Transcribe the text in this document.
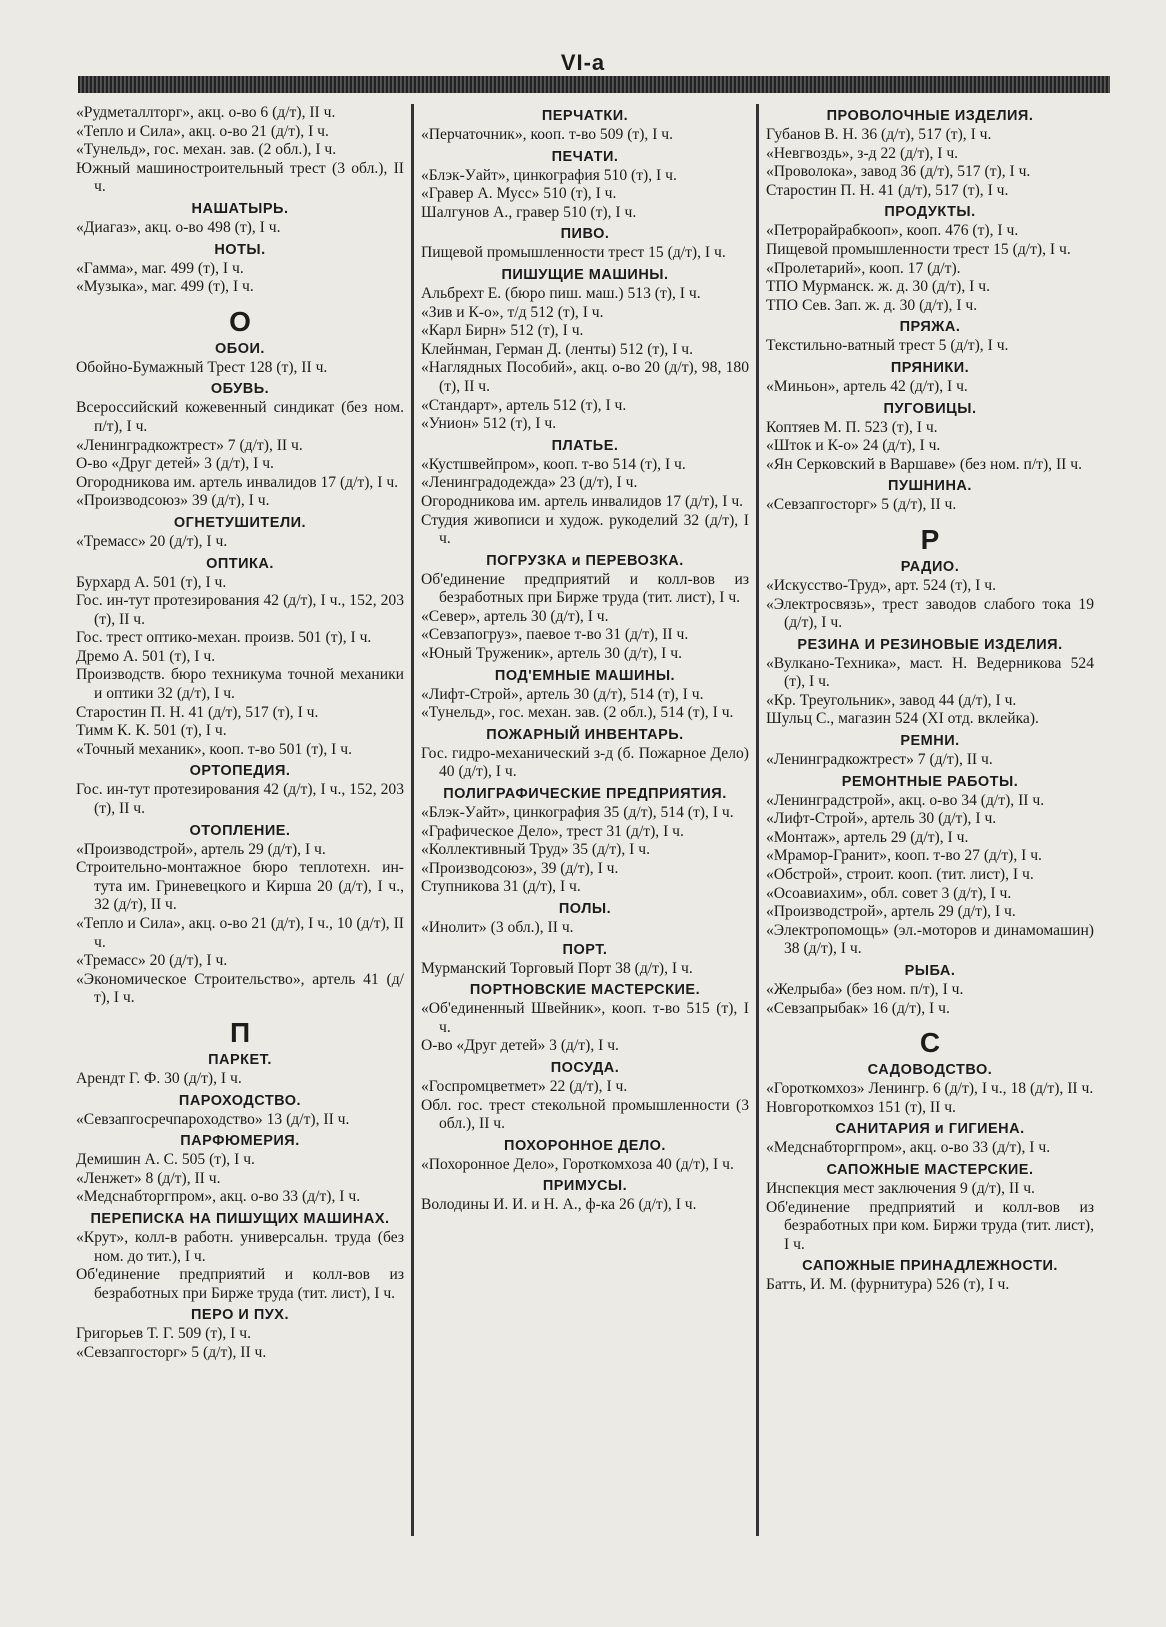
VI-a
«Рудметаллторг», акц. о-во 6 (д/т), II ч.
«Тепло и Сила», акц. о-во 21 (д/т), I ч.
«Тунельд», гос. механ. зав. (2 обл.), I ч.
Южный машиностроительный трест (3 обл.), II ч.
НАШАТЫРЬ.
«Диагаз», акц. о-во 498 (т), I ч.
НОТЫ.
«Гамма», маг. 499 (т), I ч.
«Музыка», маг. 499 (т), I ч.
О
ОБОИ.
Обойно-Бумажный Трест 128 (т), II ч.
ОБУВЬ.
Всероссийский кожевенный синдикат (без ном. п/т), I ч.
«Ленинградкожтрест» 7 (д/т), II ч.
О-во «Друг детей» 3 (д/т), I ч.
Огородникова им. артель инвалидов 17 (д/т), I ч.
«Производсоюз» 39 (д/т), I ч.
ОГНЕТУШИТЕЛИ.
«Тремасс» 20 (д/т), I ч.
ОПТИКА.
Бурхард А. 501 (т), I ч.
Гос. ин-тут протезирования 42 (д/т), I ч., 152, 203 (т), II ч.
Гос. трест оптико-механ. произв. 501 (т), I ч.
Дремо А. 501 (т), I ч.
Производств. бюро техникума точной механики и оптики 32 (д/т), I ч.
Старостин П. Н. 41 (д/т), 517 (т), I ч.
Тимм К. К. 501 (т), I ч.
«Точный механик», кооп. т-во 501 (т), I ч.
ОРТОПЕДИЯ.
Гос. ин-тут протезирования 42 (д/т), I ч., 152, 203 (т), II ч.
ОТОПЛЕНИЕ.
«Производстрой», артель 29 (д/т), I ч.
Строительно-монтажное бюро теплотехн. ин-тута им. Гриневецкого и Кирша 20 (д/т), I ч., 32 (д/т), II ч.
«Тепло и Сила», акц. о-во 21 (д/т), I ч., 10 (д/т), II ч.
«Тремасс» 20 (д/т), I ч.
«Экономическое Строительство», артель 41 (д/т), I ч.
П
ПАРКЕТ.
Арендт Г. Ф. 30 (д/т), I ч.
ПАРОХОДСТВО.
«Севзапгосречпароходство» 13 (д/т), II ч.
ПАРФЮМЕРИЯ.
Демишин А. С. 505 (т), I ч.
«Ленжет» 8 (д/т), II ч.
«Медснабторгпром», акц. о-во 33 (д/т), I ч.
ПЕРЕПИСКА НА ПИШУЩИХ МАШИНАХ.
«Крут», колл-в работн. универсальн. труда (без ном. до тит.), I ч.
Об'единение предприятий и колл-вов из безработных при Бирже труда (тит. лист), I ч.
ПЕРО И ПУХ.
Григорьев Т. Г. 509 (т), I ч.
«Севзапгосторг» 5 (д/т), II ч.
ПЕРЧАТКИ.
«Перчаточник», кооп. т-во 509 (т), I ч.
ПЕЧАТИ.
«Блэк-Уайт», цинкография 510 (т), I ч.
«Гравер А. Мусс» 510 (т), I ч.
Шалгунов А., гравер 510 (т), I ч.
ПИВО.
Пищевой промышленности трест 15 (д/т), I ч.
ПИШУЩИЕ МАШИНЫ.
Альбрехт Е. (бюро пиш. маш.) 513 (т), I ч.
«Зив и К-о», т/д 512 (т), I ч.
«Карл Бирн» 512 (т), I ч.
Клейнман, Герман Д. (ленты) 512 (т), I ч.
«Наглядных Пособий», акц. о-во 20 (д/т), 98, 180 (т), II ч.
«Стандарт», артель 512 (т), I ч.
«Унион» 512 (т), I ч.
ПЛАТЬЕ.
«Кустшвейпром», кооп. т-во 514 (т), I ч.
«Ленинградодежда» 23 (д/т), I ч.
Огородникова им. артель инвалидов 17 (д/т), I ч.
Студия живописи и худож. рукоделий 32 (д/т), I ч.
ПОГРУЗКА и ПЕРЕВОЗКА.
Об'единение предприятий и колл-вов из безработных при Бирже труда (тит. лист), I ч.
«Север», артель 30 (д/т), I ч.
«Севзапогруз», паевое т-во 31 (д/т), II ч.
«Юный Труженик», артель 30 (д/т), I ч.
ПОД'ЕМНЫЕ МАШИНЫ.
«Лифт-Строй», артель 30 (д/т), 514 (т), I ч.
«Тунельд», гос. механ. зав. (2 обл.), 514 (т), I ч.
ПОЖАРНЫЙ ИНВЕНТАРЬ.
Гос. гидро-механический з-д (б. Пожарное Дело) 40 (д/т), I ч.
ПОЛИГРАФИЧЕСКИЕ ПРЕДПРИЯТИЯ.
«Блэк-Уайт», цинкография 35 (д/т), 514 (т), I ч.
«Графическое Дело», трест 31 (д/т), I ч.
«Коллективный Труд» 35 (д/т), I ч.
«Производсоюз», 39 (д/т), I ч.
Ступникова 31 (д/т), I ч.
ПОЛЫ.
«Инолит» (3 обл.), II ч.
ПОРТ.
Мурманский Торговый Порт 38 (д/т), I ч.
ПОРТНОВСКИЕ МАСТЕРСКИЕ.
«Об'единенный Швейник», кооп. т-во 515 (т), I ч.
О-во «Друг детей» 3 (д/т), I ч.
ПОСУДА.
«Госпромцветмет» 22 (д/т), I ч.
Обл. гос. трест стекольной промышленности (3 обл.), II ч.
ПОХОРОННОЕ ДЕЛО.
«Похоронное Дело», Гороткомхоза 40 (д/т), I ч.
ПРИМУСЫ.
Володины И. И. и Н. А., ф-ка 26 (д/т), I ч.
ПРОВОЛОЧНЫЕ ИЗДЕЛИЯ.
Губанов В. Н. 36 (д/т), 517 (т), I ч.
«Невгвоздь», з-д 22 (д/т), I ч.
«Проволока», завод 36 (д/т), 517 (т), I ч.
Старостин П. Н. 41 (д/т), 517 (т), I ч.
ПРОДУКТЫ.
«Петрорайрабкооп», кооп. 476 (т), I ч.
Пищевой промышленности трест 15 (д/т), I ч.
«Пролетарий», кооп. 17 (д/т).
ТПО Мурманск. ж. д. 30 (д/т), I ч.
ТПО Сев. Зап. ж. д. 30 (д/т), I ч.
ПРЯЖА.
Текстильно-ватный трест 5 (д/т), I ч.
ПРЯНИКИ.
«Миньон», артель 42 (д/т), I ч.
ПУГОВИЦЫ.
Коптяев М. П. 523 (т), I ч.
«Шток и К-о» 24 (д/т), I ч.
«Ян Серковский в Варшаве» (без ном. п/т), II ч.
ПУШНИНА.
«Севзапгосторг» 5 (д/т), II ч.
Р
РАДИО.
«Искусство-Труд», арт. 524 (т), I ч.
«Электросвязь», трест заводов слабого тока 19 (д/т), I ч.
РЕЗИНА И РЕЗИНОВЫЕ ИЗДЕЛИЯ.
«Вулкано-Техника», маст. Н. Ведерникова 524 (т), I ч.
«Кр. Треугольник», завод 44 (д/т), I ч.
Шульц С., магазин 524 (XI отд. вклейка).
РЕМНИ.
«Ленинградкожтрест» 7 (д/т), II ч.
РЕМОНТНЫЕ РАБОТЫ.
«Ленинградстрой», акц. о-во 34 (д/т), II ч.
«Лифт-Строй», артель 30 (д/т), I ч.
«Монтаж», артель 29 (д/т), I ч.
«Мрамор-Гранит», кооп. т-во 27 (д/т), I ч.
«Обстрой», строит. кооп. (тит. лист), I ч.
«Осоавиахим», обл. совет 3 (д/т), I ч.
«Производстрой», артель 29 (д/т), I ч.
«Электропомощь» (эл.-моторов и динамомашин) 38 (д/т), I ч.
РЫБА.
«Желрыба» (без ном. п/т), I ч.
«Севзапрыбак» 16 (д/т), I ч.
С
САДОВОДСТВО.
«Гороткомхоз» Ленингр. 6 (д/т), I ч., 18 (д/т), II ч.
Новгороткомхоз 151 (т), II ч.
САНИТАРИЯ и ГИГИЕНА.
«Медснабторгпром», акц. о-во 33 (д/т), I ч.
САПОЖНЫЕ МАСТЕРСКИЕ.
Инспекция мест заключения 9 (д/т), II ч.
Об'единение предприятий и колл-вов из безработных при ком. Биржи труда (тит. лист), I ч.
САПОЖНЫЕ ПРИНАДЛЕЖНОСТИ.
Батть, И. М. (фурнитура) 526 (т), I ч.
